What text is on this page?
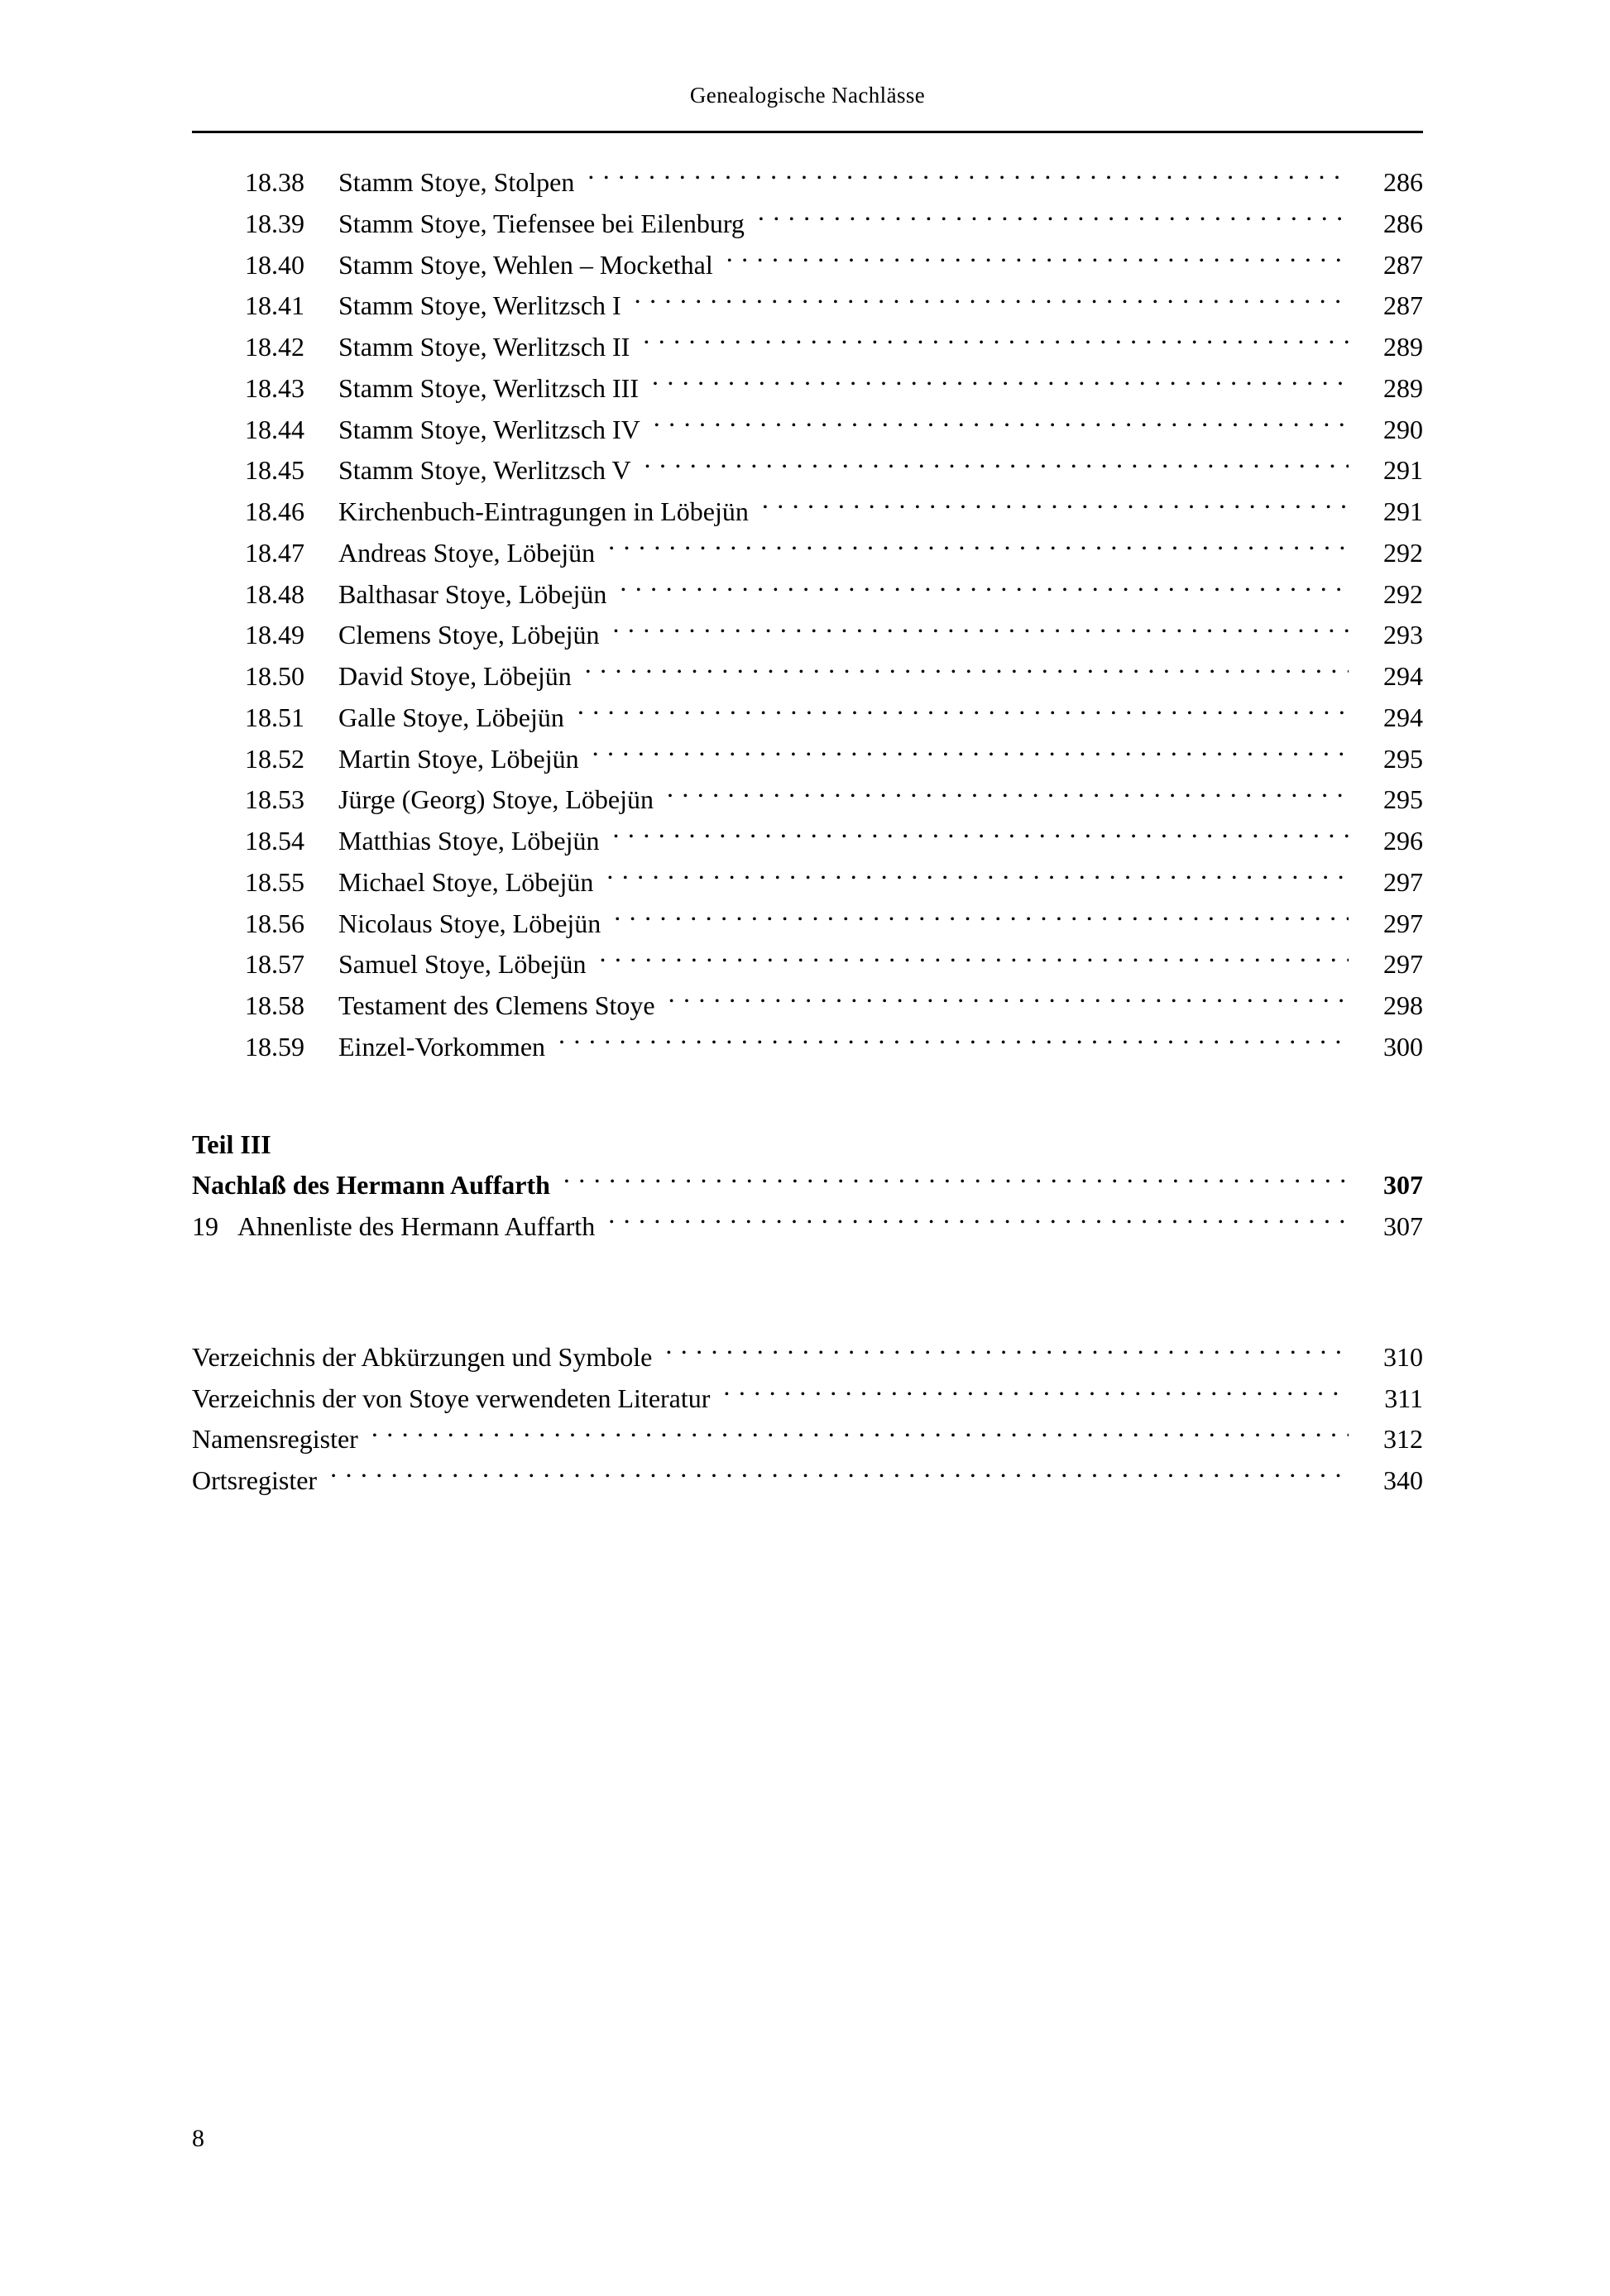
Genealogische Nachlässe
18.38	Stamm Stoye, Stolpen . . .	286
18.39	Stamm Stoye, Tiefensee bei Eilenburg . . .	286
18.40	Stamm Stoye, Wehlen – Mockethal . . .	287
18.41	Stamm Stoye, Werlitzsch I . . .	287
18.42	Stamm Stoye, Werlitzsch II . . .	289
18.43	Stamm Stoye, Werlitzsch III . . .	289
18.44	Stamm Stoye, Werlitzsch IV . . .	290
18.45	Stamm Stoye, Werlitzsch V . . .	291
18.46	Kirchenbuch-Eintragungen in Löbejün . . .	291
18.47	Andreas Stoye, Löbejün . . .	292
18.48	Balthasar Stoye, Löbejün . . .	292
18.49	Clemens Stoye, Löbejün . . .	293
18.50	David Stoye, Löbejün . . .	294
18.51	Galle Stoye, Löbejün . . .	294
18.52	Martin Stoye, Löbejün . . .	295
18.53	Jürge (Georg) Stoye, Löbejün . . .	295
18.54	Matthias Stoye, Löbejün . . .	296
18.55	Michael Stoye, Löbejün . . .	297
18.56	Nicolaus Stoye, Löbejün . . .	297
18.57	Samuel Stoye, Löbejün . . .	297
18.58	Testament des Clemens Stoye . . .	298
18.59	Einzel-Vorkommen . . .	300
Teil III
Nachlaß des Hermann Auffarth . . .	307
19 Ahnenliste des Hermann Auffarth . . .	307
Verzeichnis der Abkürzungen und Symbole . . .	310
Verzeichnis der von Stoye verwendeten Literatur . . .	311
Namensregister . . .	312
Ortsregister . . .	340
8
